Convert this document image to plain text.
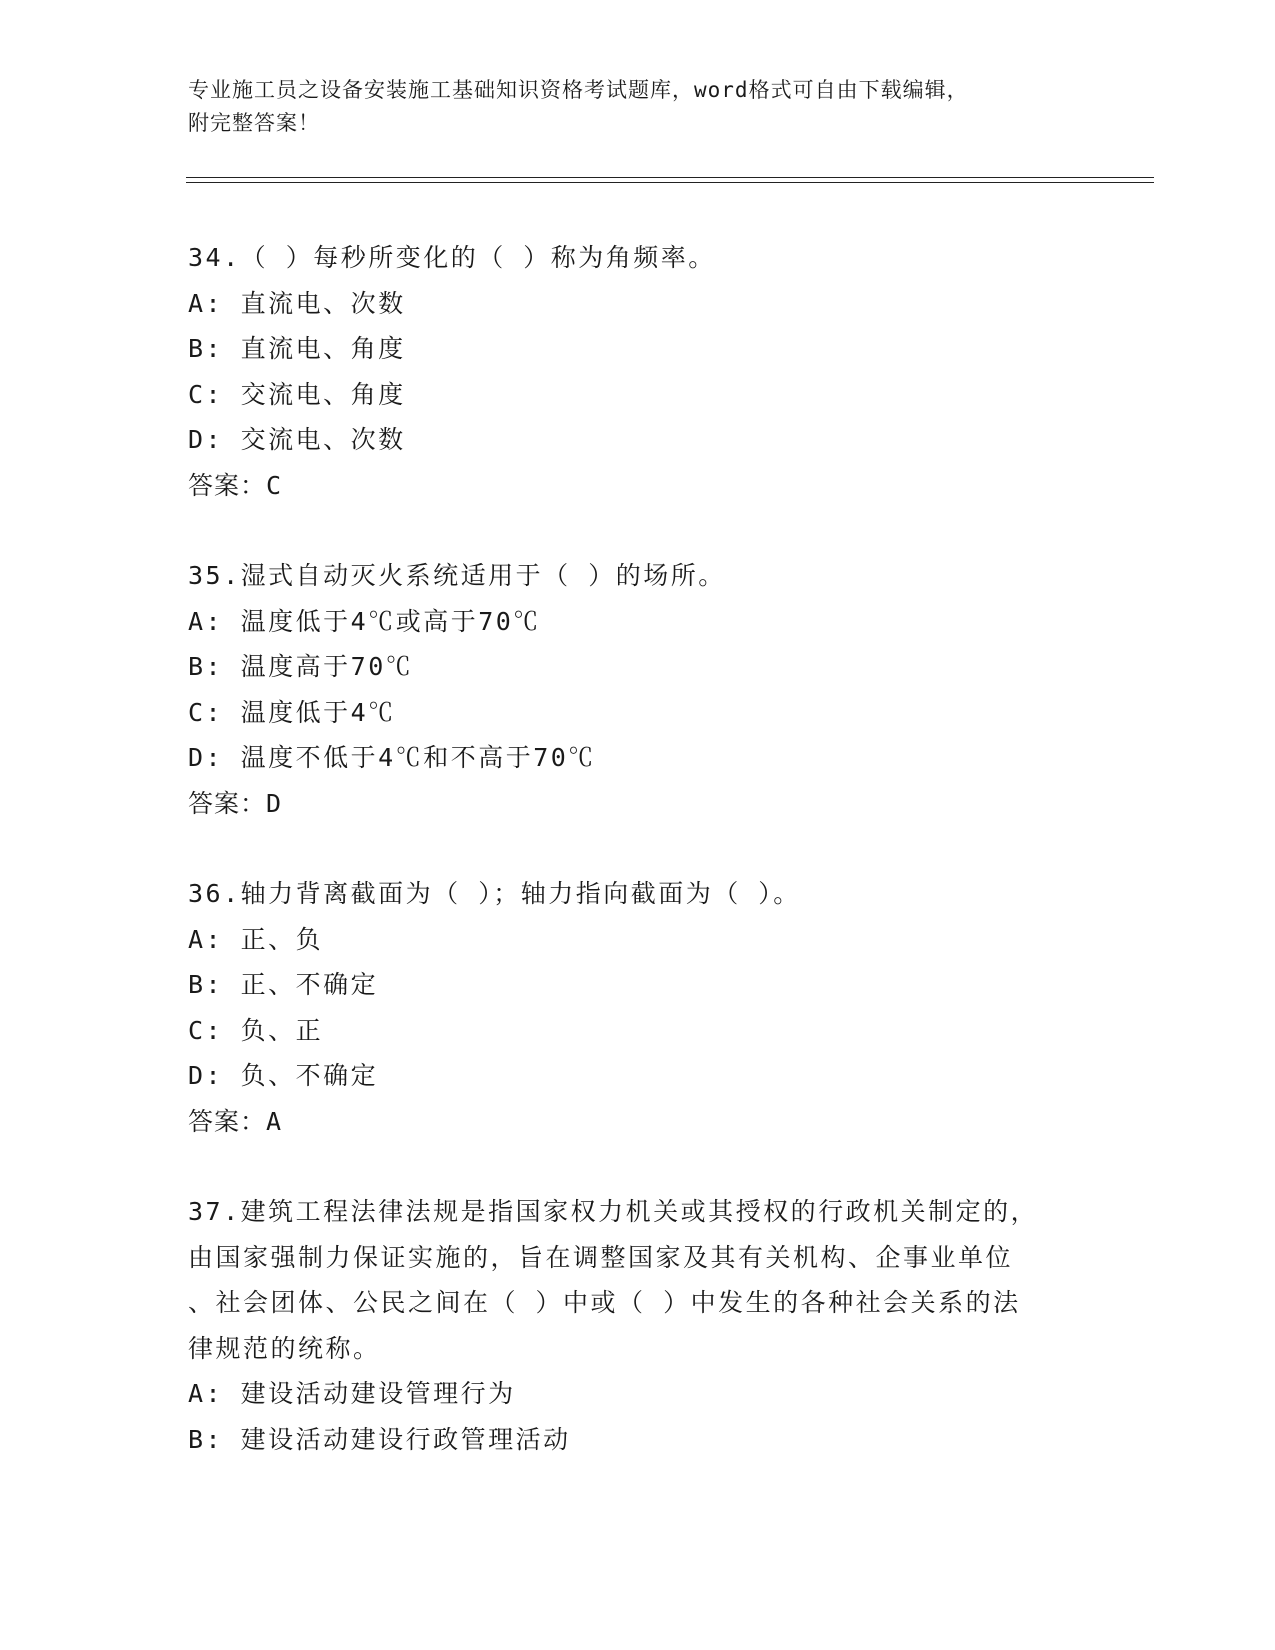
专业施工员之设备安装施工基础知识资格考试题库，word格式可自由下载编辑，
附完整答案！

34.（ ）每秒所变化的（ ）称为角频率。

A: 直流电、次数

B: 直流电、角度

C: 交流电、角度

D: 交流电、次数

答案：C

35.湿式自动灭火系统适用于（ ）的场所。

A: 温度低于4℃或高于70℃

B: 温度高于70℃

C: 温度低于4℃

D: 温度不低于4℃和不高于70℃

答案：D

36.轴力背离截面为（ ）；轴力指向截面为（ ）。

A: 正、负

B: 正、不确定

C: 负、正

D: 负、不确定

答案：A

37.建筑工程法律法规是指国家权力机关或其授权的行政机关制定的，

由国家强制力保证实施的，旨在调整国家及其有关机构、企事业单位

、社会团体、公民之间在（ ）中或（ ）中发生的各种社会关系的法

律规范的统称。

A: 建设活动建设管理行为

B: 建设活动建设行政管理活动
